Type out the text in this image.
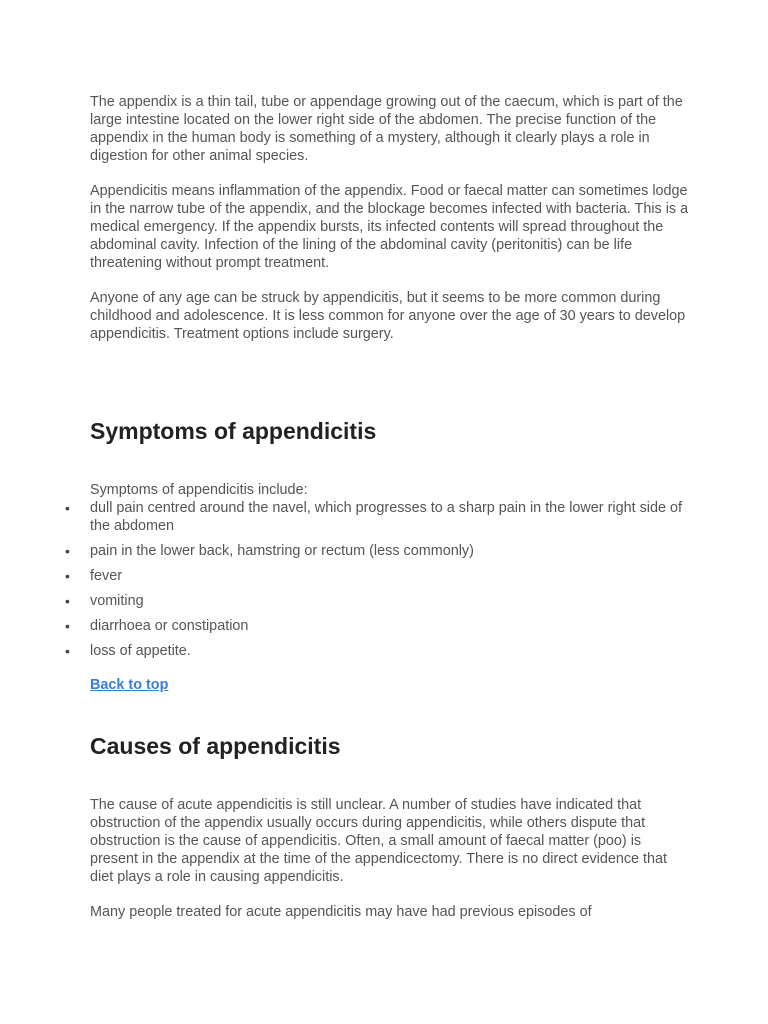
The appendix is a thin tail, tube or appendage growing out of the caecum, which is part of the large intestine located on the lower right side of the abdomen. The precise function of the appendix in the human body is something of a mystery, although it clearly plays a role in digestion for other animal species.

Appendicitis means inflammation of the appendix. Food or faecal matter can sometimes lodge in the narrow tube of the appendix, and the blockage becomes infected with bacteria. This is a medical emergency. If the appendix bursts, its infected contents will spread throughout the abdominal cavity. Infection of the lining of the abdominal cavity (peritonitis) can be life threatening without prompt treatment.

Anyone of any age can be struck by appendicitis, but it seems to be more common during childhood and adolescence. It is less common for anyone over the age of 30 years to develop appendicitis. Treatment options include surgery.

Symptoms of appendicitis

Symptoms of appendicitis include:

• dull pain centred around the navel, which progresses to a sharp pain in the lower right side of the abdomen
• pain in the lower back, hamstring or rectum (less commonly)
• fever
• vomiting
• diarrhoea or constipation
• loss of appetite.
Back to top
Causes of appendicitis

The cause of acute appendicitis is still unclear. A number of studies have indicated that obstruction of the appendix usually occurs during appendicitis, while others dispute that obstruction is the cause of appendicitis. Often, a small amount of faecal matter (poo) is present in the appendix at the time of the appendicectomy. There is no direct evidence that diet plays a role in causing appendicitis.

Many people treated for acute appendicitis may have had previous episodes of
